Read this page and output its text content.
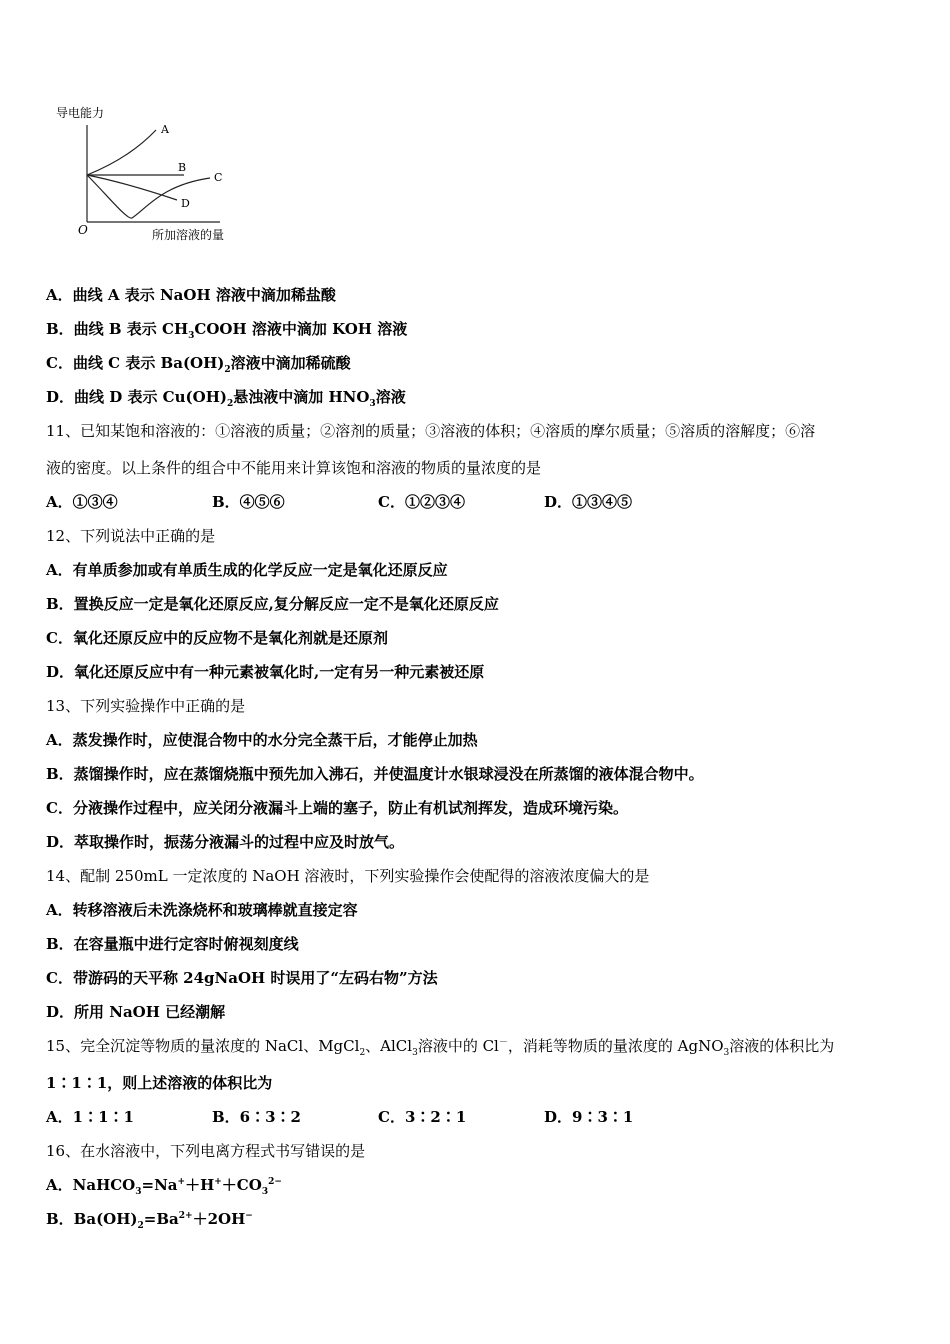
导电能力
O	所加溶液的量
A
B
C
D
A．曲线 A 表示 NaOH 溶液中滴加稀盐酸
B．曲线 B 表示 $CH_3COOH$ 溶液中滴加 KOH 溶液
C．曲线 C 表示 $Ba(OH)_2$溶液中滴加稀硫酸
D．曲线 D 表示 $Cu(OH)_2$悬浊液中滴加 $HNO_3$溶液
11、已知某饱和溶液的：①溶液的质量；②溶剂的质量；③溶液的体积；④溶质的摩尔质量；⑤溶质的溶解度；⑥溶
液的密度。以上条件的组合中不能用来计算该饱和溶液的物质的量浓度的是
A．①③④	B．④⑤⑥	C．①②③④	D．①③④⑤
12、下列说法中正确的是
A．有单质参加或有单质生成的化学反应一定是氧化还原反应
B．置换反应一定是氧化还原反应,复分解反应一定不是氧化还原反应
C．氧化还原反应中的反应物不是氧化剂就是还原剂
D．氧化还原反应中有一种元素被氧化时,一定有另一种元素被还原
13、下列实验操作中正确的是
A．蒸发操作时，应使混合物中的水分完全蒸干后，才能停止加热
B．蒸馏操作时，应在蒸馏烧瓶中预先加入沸石，并使温度计水银球浸没在所蒸馏的液体混合物中。
C．分液操作过程中，应关闭分液漏斗上端的塞子，防止有机试剂挥发，造成环境污染。
D．萃取操作时，振荡分液漏斗的过程中应及时放气。
14、配制 250mL 一定浓度的 NaOH 溶液时，下列实验操作会使配得的溶液浓度偏大的是
A．转移溶液后未洗涤烧杯和玻璃棒就直接定容
B．在容量瓶中进行定容时俯视刻度线
C．带游码的天平称 24gNaOH 时误用了“左码右物”方法
D．所用 NaOH 已经潮解
15、完全沉淀等物质的量浓度的 NaCl、MgCl$_2$、AlCl$_3$溶液中的 Cl－，消耗等物质的量浓度的 AgNO$_3$溶液的体积比为
1∶1∶1，则上述溶液的体积比为
A．1∶1∶1	B．6∶3∶2	C．3∶2∶1	D．9∶3∶1
16、在水溶液中，下列电离方程式书写错误的是
A．$NaHCO_3=Na^++H^++CO_3^{2-}$
B．$Ba(OH)_2=Ba^{2+}+2OH^-$
